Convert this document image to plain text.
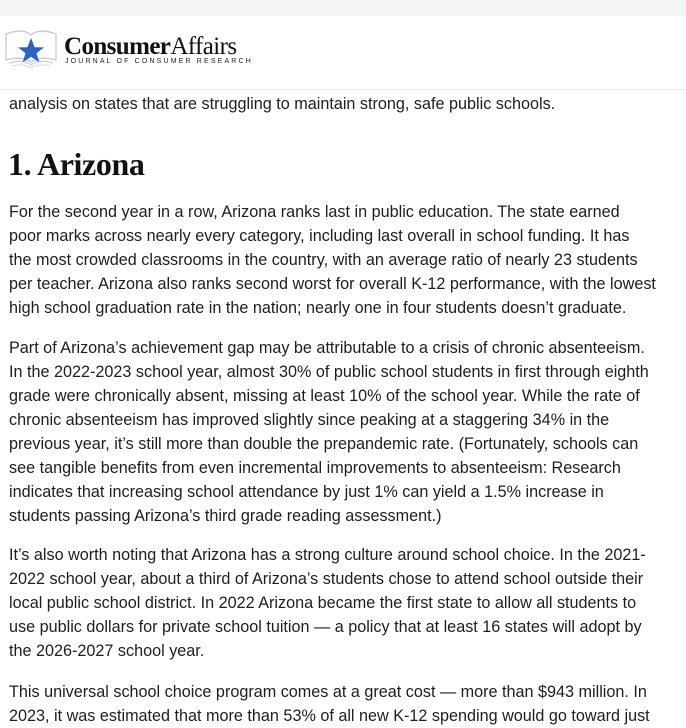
ConsumerAffairs
JOURNAL OF CONSUMER RESEARCH

analysis on states that are struggling to maintain strong, safe public schools.

1. Arizona

For the second year in a row, Arizona ranks last in public education. The state earned
poor marks across nearly every category, including last overall in school funding. It has
the most crowded classrooms in the country, with an average ratio of nearly 23 students
per teacher. Arizona also ranks second worst for overall K-12 performance, with the lowest
high school graduation rate in the nation; nearly one in four students doesn’t graduate.

Part of Arizona’s achievement gap may be attributable to a crisis of chronic absenteeism.
In the 2022-2023 school year, almost 30% of public school students in first through eighth
grade were chronically absent, missing at least 10% of the school year. While the rate of
chronic absenteeism has improved slightly since peaking at a staggering 34% in the
previous year, it’s still more than double the prepandemic rate. (Fortunately, schools can
see tangible benefits from even incremental improvements to absenteeism: Research
indicates that increasing school attendance by just 1% can yield a 1.5% increase in
students passing Arizona’s third grade reading assessment.)

It’s also worth noting that Arizona has a strong culture around school choice. In the 2021-
2022 school year, about a third of Arizona’s students chose to attend school outside their
local public school district. In 2022 Arizona became the first state to allow all students to
use public dollars for private school tuition — a policy that at least 16 states will adopt by
the 2026-2027 school year.

This universal school choice program comes at a great cost — more than $943 million. In
2023, it was estimated that more than 53% of all new K-12 spending would go toward just
